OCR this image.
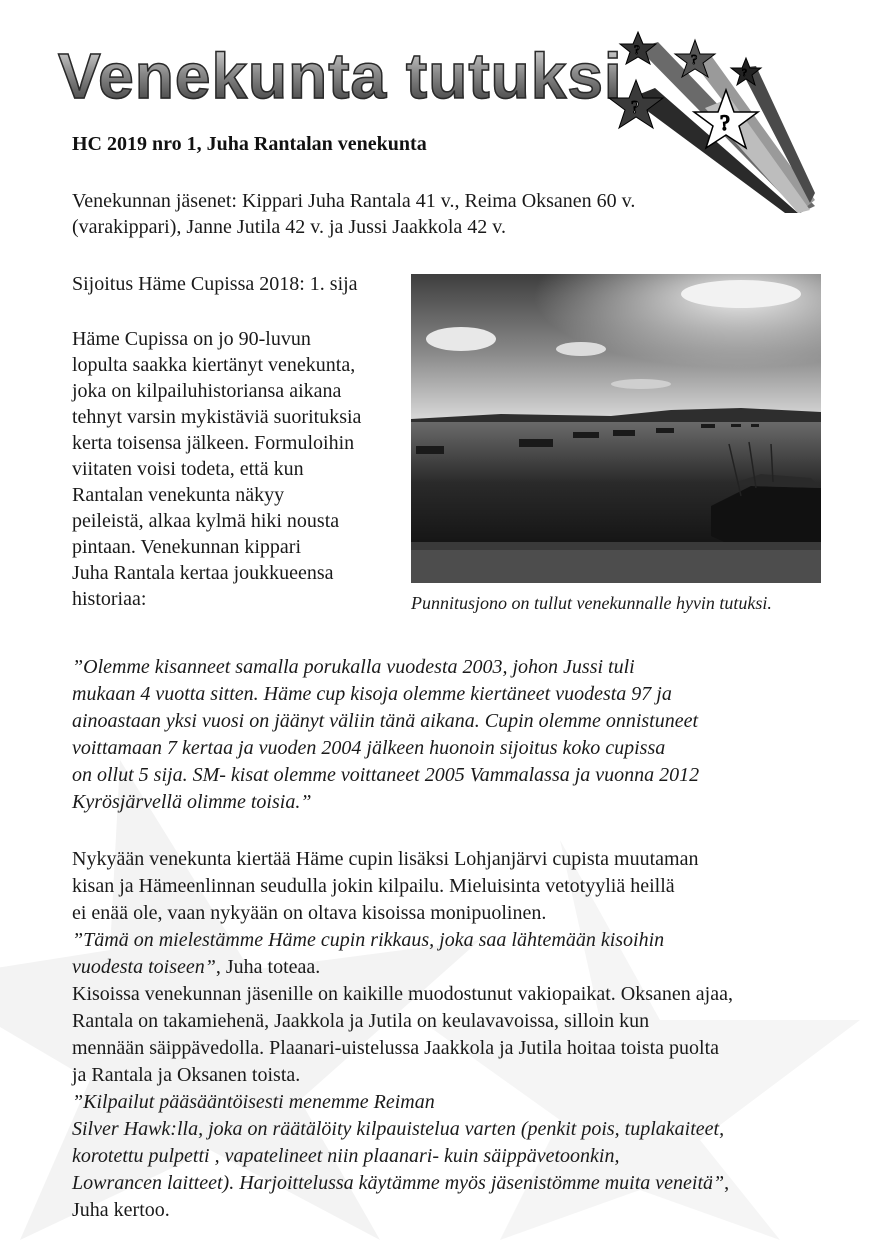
Venekunta tutuksi ?
?
?
?
?

HC 2019 nro 1, Juha Rantalan venekunta

Venekunnan jäsenet: Kippari Juha Rantala 41 v., Reima Oksanen 60 v.
(varakippari), Janne Jutila 42 v. ja Jussi Jaakkola 42 v.

Sijoitus Häme Cupissa 2018: 1. sija

Häme Cupissa on jo 90-luvun
lopulta saakka kiertänyt venekunta,
joka on kilpailuhistoriansa aikana
tehnyt varsin mykistäviä suorituksia
kerta toisensa jälkeen. Formuloihin
viitaten voisi todeta, että kun
Rantalan venekunta näkyy
peileistä, alkaa kylmä hiki nousta
pintaan. Venekunnan kippari
Juha Rantala kertaa joukkueensa
historiaa:	Punnitusjono on tullut venekunnalle hyvin tutuksi.

”Olemme kisanneet samalla porukalla vuodesta 2003, johon Jussi tuli
mukaan 4 vuotta sitten. Häme cup kisoja olemme kiertäneet vuodesta 97 ja
ainoastaan yksi vuosi on jäänyt väliin tänä aikana. Cupin olemme onnistuneet
voittamaan 7 kertaa ja vuoden 2004 jälkeen huonoin sijoitus koko cupissa
on ollut 5 sija. SM- kisat olemme voittaneet 2005 Vammalassa ja vuonna 2012
Kyrösjärvellä olimme toisia.”

Nykyään venekunta kiertää Häme cupin lisäksi Lohjanjärvi cupista muutaman
kisan ja Hämeenlinnan seudulla jokin kilpailu. Mieluisinta vetotyyliä heillä
ei enää ole, vaan nykyään on oltava kisoissa monipuolinen.
”Tämä on mielestämme Häme cupin rikkaus, joka saa lähtemään kisoihin
vuodesta toiseen”, Juha toteaa.
Kisoissa venekunnan jäsenille on kaikille muodostunut vakiopaikat. Oksanen ajaa,
Rantala on takamiehenä, Jaakkola ja Jutila on keulavavoissa, silloin kun
mennään säippävedolla. Plaanari-uistelussa Jaakkola ja Jutila hoitaa toista puolta
ja Rantala ja Oksanen toista.
”Kilpailut pääsääntöisesti menemme Reiman
Silver Hawk:lla, joka on räätälöity kilpauistelua varten (penkit pois, tuplakaiteet,
korotettu pulpetti , vapatelineet niin plaanari- kuin säippävetoonkin,
Lowrancen laitteet). Harjoittelussa käytämme myös jäsenistömme muita veneitä”,
Juha kertoo.
